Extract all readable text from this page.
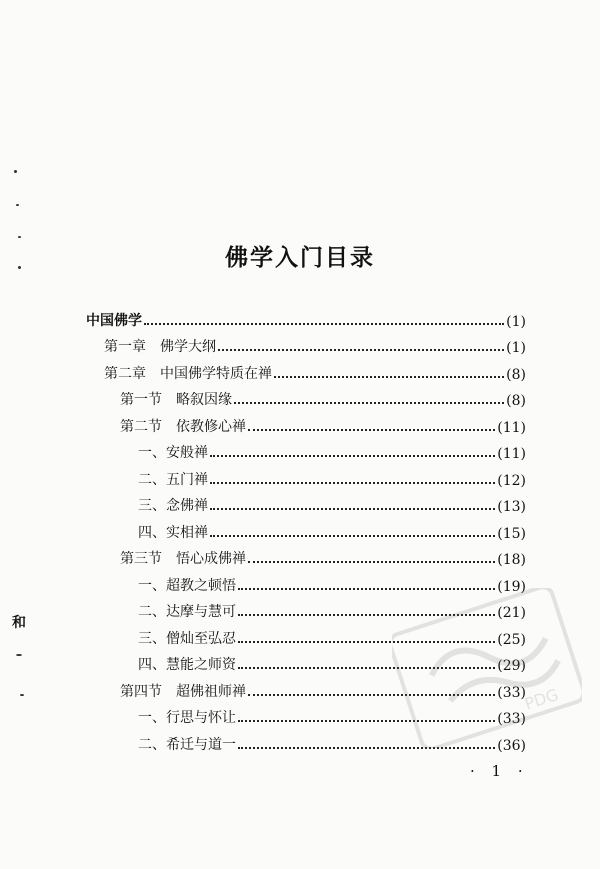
和
佛学入门目录
中国佛学	(1)
第一章　佛学大纲	(1)
第二章　中国佛学特质在禅	(8)
第一节　略叙因缘	(8)
第二节　依教修心禅	(11)
一、安般禅	(11)
二、五门禅	(12)
三、念佛禅	(13)
四、实相禅	(15)
第三节　悟心成佛禅	(18)
一、超教之顿悟	(19)
二、达摩与慧可	(21)
三、僧灿至弘忍	(25)
四、慧能之师资	(29)
第四节　超佛祖师禅	(33)
一、行思与怀让	(33)
二、希迁与道一	(36)
· 1 ·
PDG
